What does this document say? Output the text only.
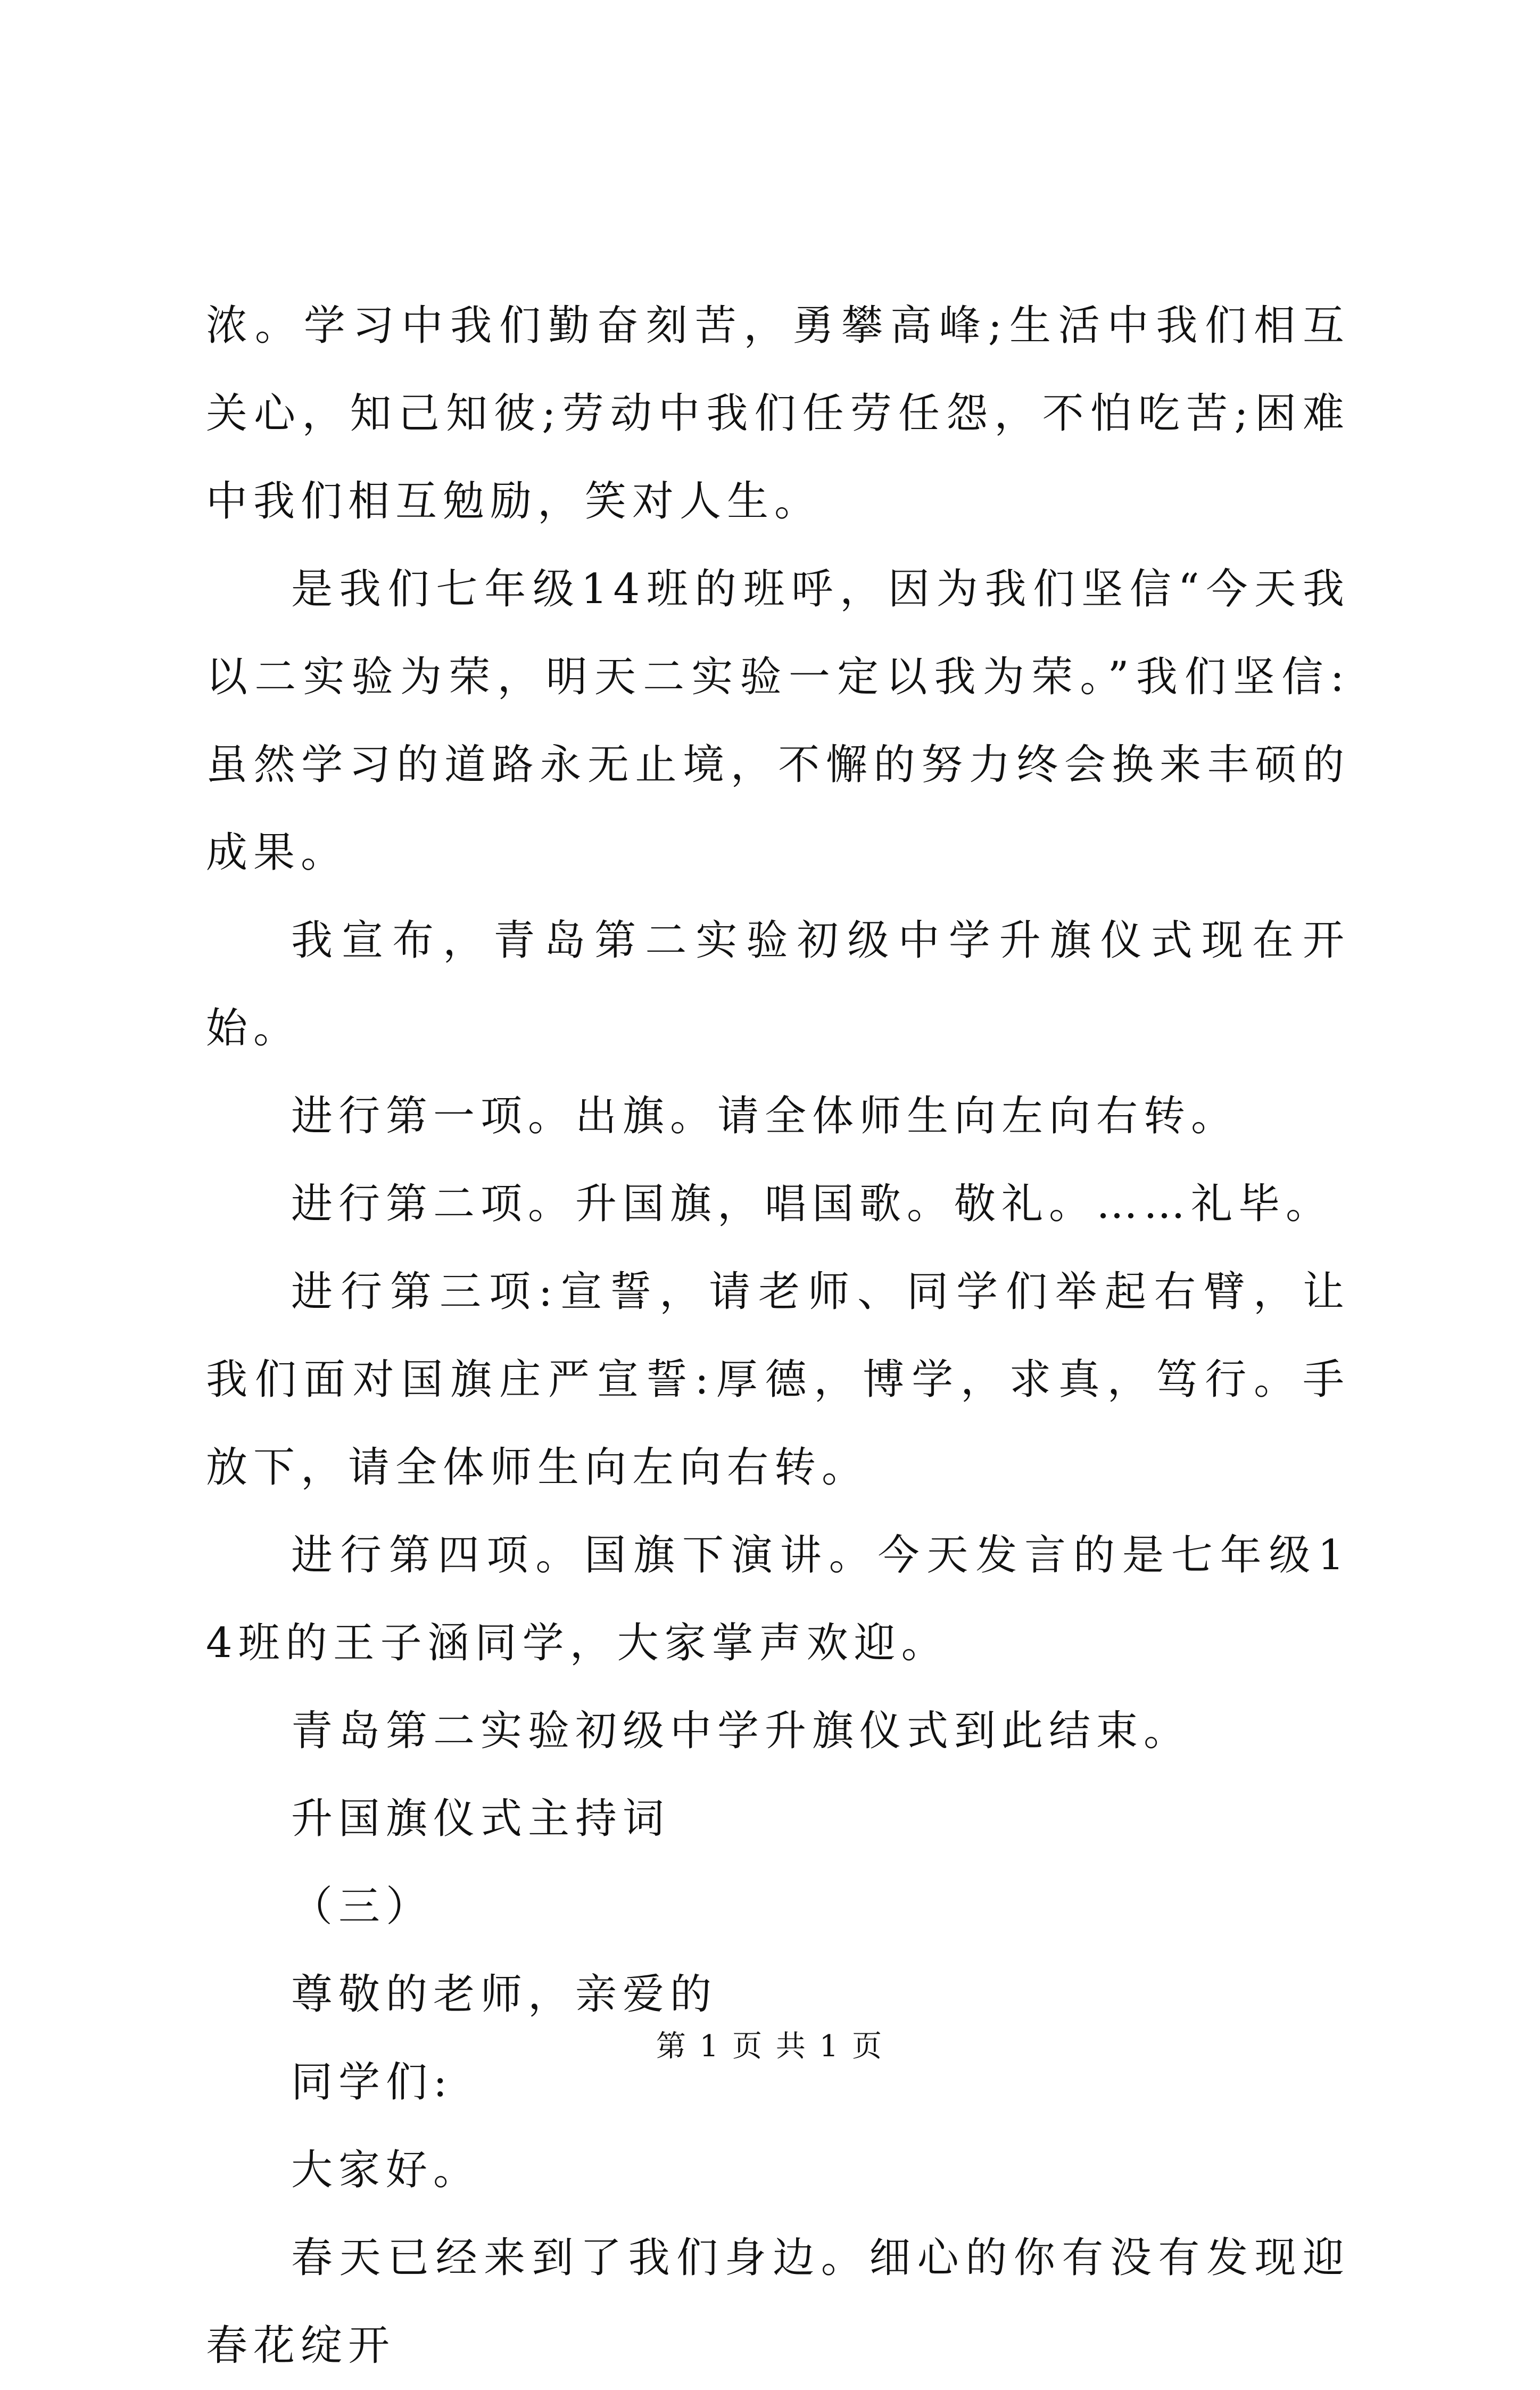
浓。学习中我们勤奋刻苦，勇攀高峰;生活中我们相互关心，知己知彼;劳动中我们任劳任怨，不怕吃苦;困难中我们相互勉励，笑对人生。

是我们七年级14班的班呼，因为我们坚信“今天我以二实验为荣，明天二实验一定以我为荣。”我们坚信:虽然学习的道路永无止境，不懈的努力终会换来丰硕的成果。

我宣布，青岛第二实验初级中学升旗仪式现在开始。

进行第一项。出旗。请全体师生向左向右转。

进行第二项。升国旗，唱国歌。敬礼。……礼毕。

进行第三项:宣誓，请老师、同学们举起右臂，让我们面对国旗庄严宣誓:厚德，博学，求真，笃行。手放下，请全体师生向左向右转。

进行第四项。国旗下演讲。今天发言的是七年级14班的王子涵同学，大家掌声欢迎。

青岛第二实验初级中学升旗仪式到此结束。

升国旗仪式主持词

（三）

尊敬的老师，亲爱的

同学们:

大家好。

春天已经来到了我们身边。细心的你有没有发现迎春花绽开

第 1 页 共 1 页
